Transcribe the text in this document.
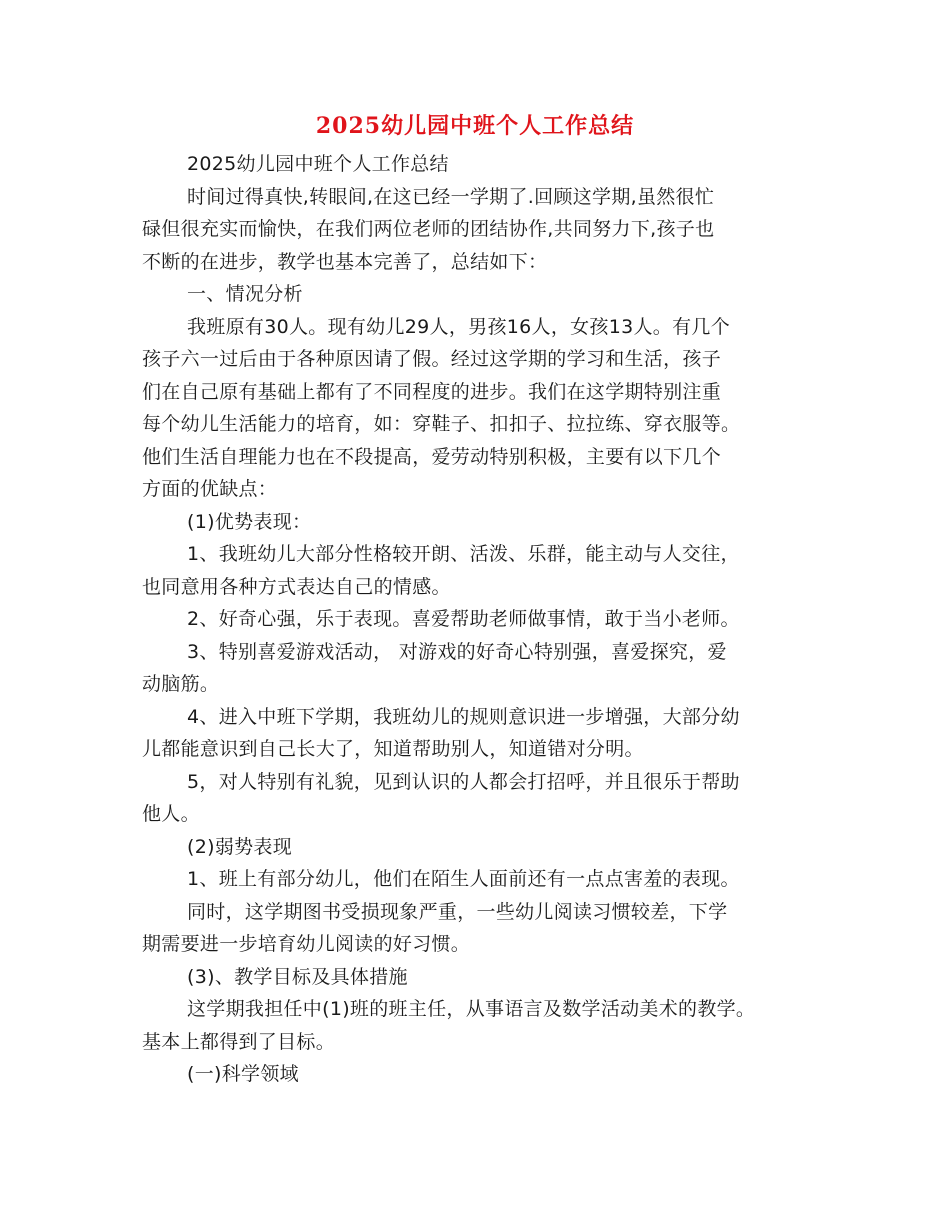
2025幼儿园中班个人工作总结
2025幼儿园中班个人工作总结
时间过得真快,转眼间,在这已经一学期了.回顾这学期,虽然很忙
碌但很充实而愉快，在我们两位老师的团结协作,共同努力下,孩子也
不断的在进步，教学也基本完善了，总结如下：
一、情况分析
我班原有30人。现有幼儿29人，男孩16人，女孩13人。有几个
孩子六一过后由于各种原因请了假。经过这学期的学习和生活，孩子
们在自己原有基础上都有了不同程度的进步。我们在这学期特别注重
每个幼儿生活能力的培育，如：穿鞋子、扣扣子、拉拉练、穿衣服等。
他们生活自理能力也在不段提高，爱劳动特别积极，主要有以下几个
方面的优缺点：
(1)优势表现：
1、我班幼儿大部分性格较开朗、活泼、乐群，能主动与人交往，
也同意用各种方式表达自己的情感。
2、好奇心强，乐于表现。喜爱帮助老师做事情，敢于当小老师。
3、特别喜爱游戏活动， 对游戏的好奇心特别强，喜爱探究，爱
动脑筋。
4、进入中班下学期，我班幼儿的规则意识进一步增强，大部分幼
儿都能意识到自己长大了，知道帮助别人，知道错对分明。
5，对人特别有礼貌，见到认识的人都会打招呼，并且很乐于帮助
他人。
(2)弱势表现
1、班上有部分幼儿，他们在陌生人面前还有一点点害羞的表现。
同时，这学期图书受损现象严重，一些幼儿阅读习惯较差，下学
期需要进一步培育幼儿阅读的好习惯。
(3)、教学目标及具体措施
这学期我担任中(1)班的班主任，从事语言及数学活动美术的教学。
基本上都得到了目标。
(一)科学领域
